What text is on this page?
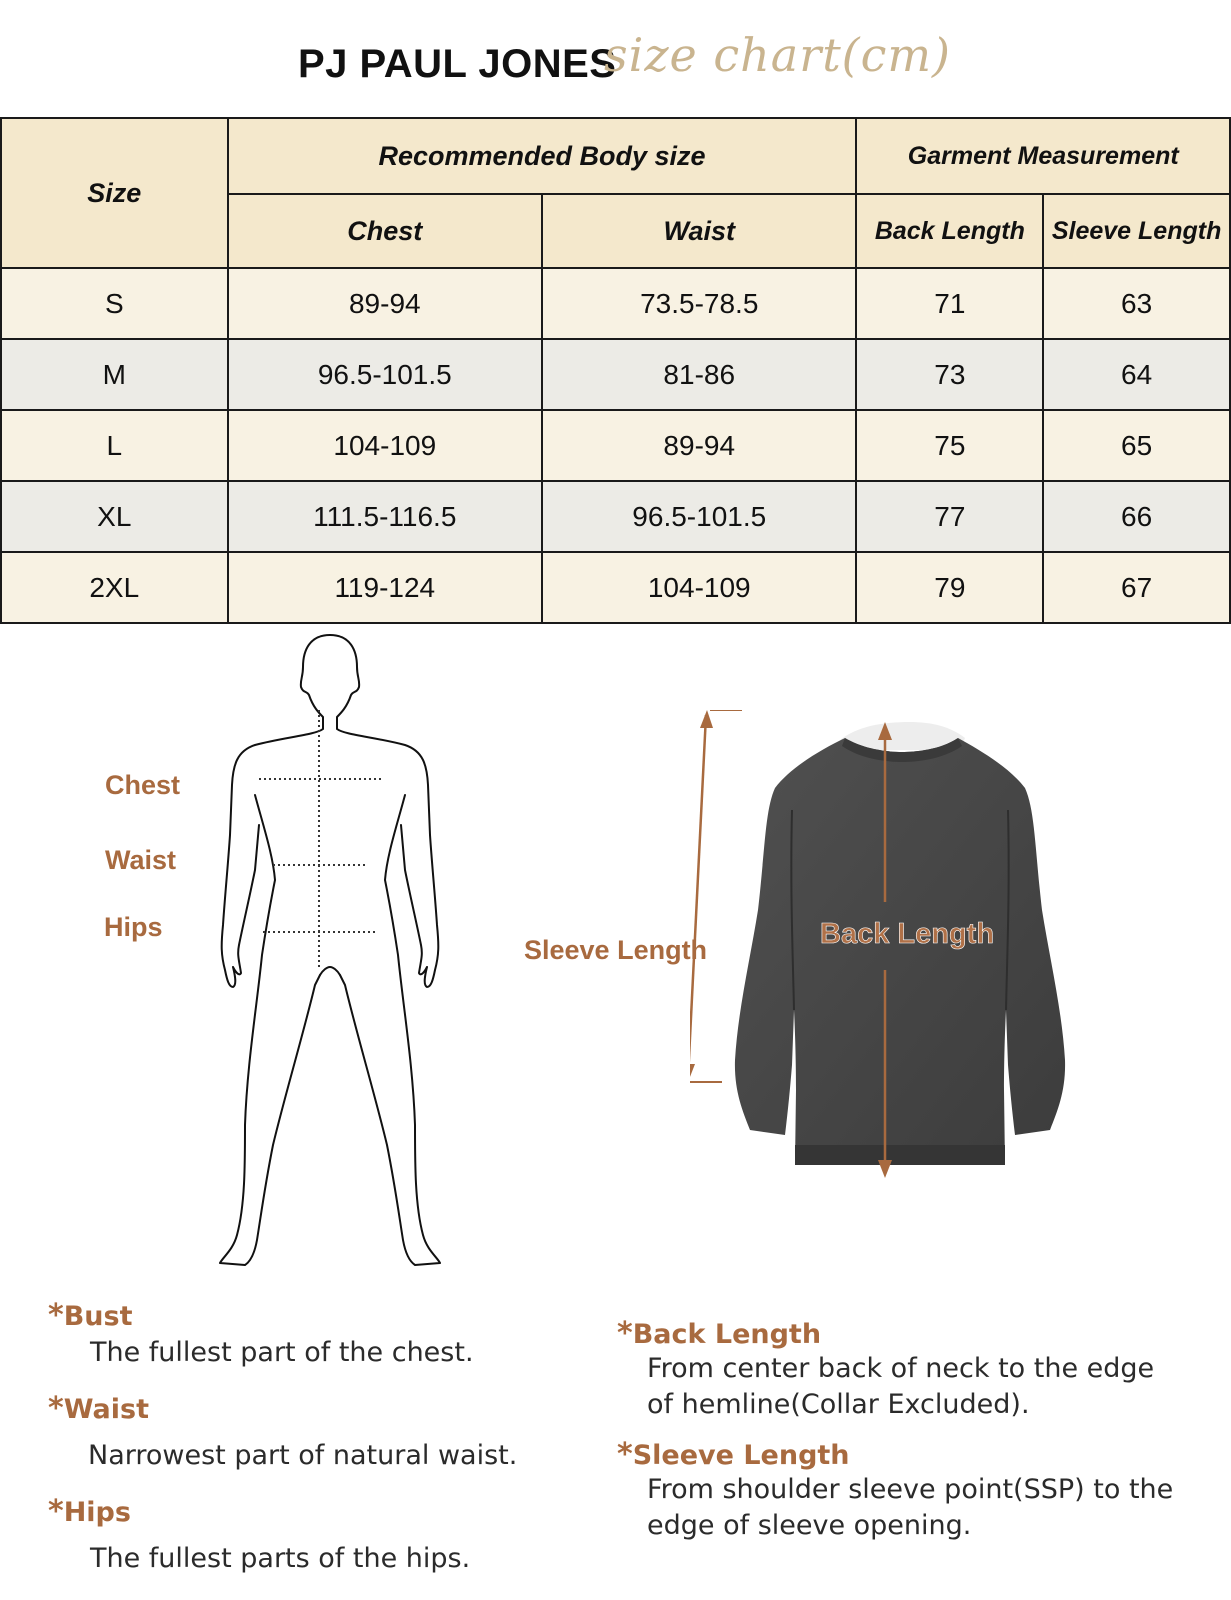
PJ PAUL JONES
size chart(cm)
Size	Recommended Body size		Garment Measurement	
	Chest	Waist	Back Length	Sleeve Length
S	89-94	73.5-78.5	71	63
M	96.5-101.5	81-86	73	64
L	104-109	89-94	75	65
XL	111.5-116.5	96.5-101.5	77	66
2XL	119-124	104-109	79	67
Chest
Waist
Hips
Sleeve Length	Back Length
*Bust
The fullest part of the chest.
*Waist
Narrowest part of natural waist.
*Hips
The fullest parts of the hips.
*Back Length
From center back of neck to the edge
of hemline(Collar Excluded).
*Sleeve Length
From shoulder sleeve point(SSP) to the
edge of sleeve opening.
